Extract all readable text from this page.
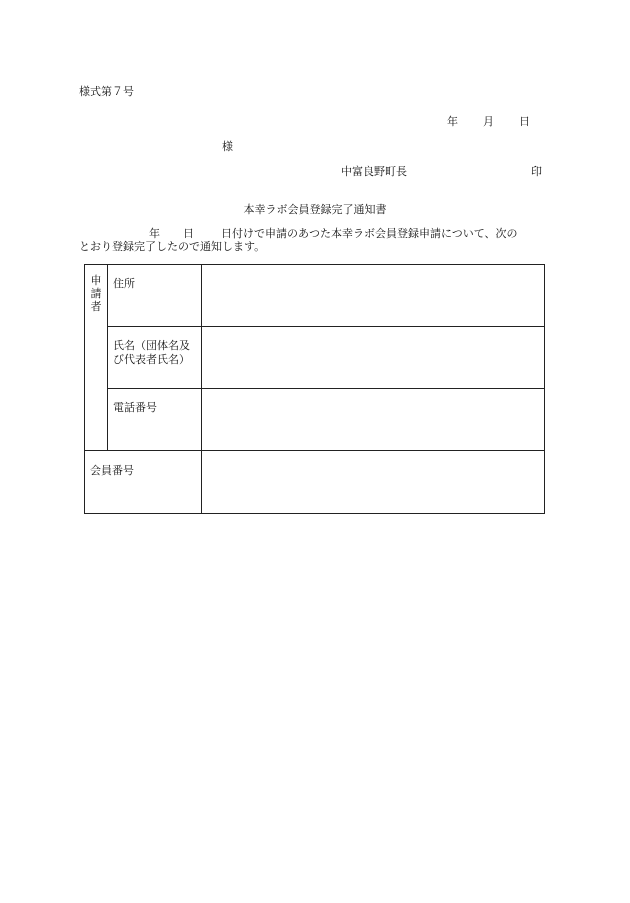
様式第７号
年 月 日
様
中富良野町長	印
本幸ラボ会員登録完了通知書
年 日 日付けで申請のあつた本幸ラボ会員登録申請について、次の
とおり登録完了したので通知します。
申
請
者	住所	
	氏名（団体名及び代表者氏名）	
	電話番号	
会員番号		
